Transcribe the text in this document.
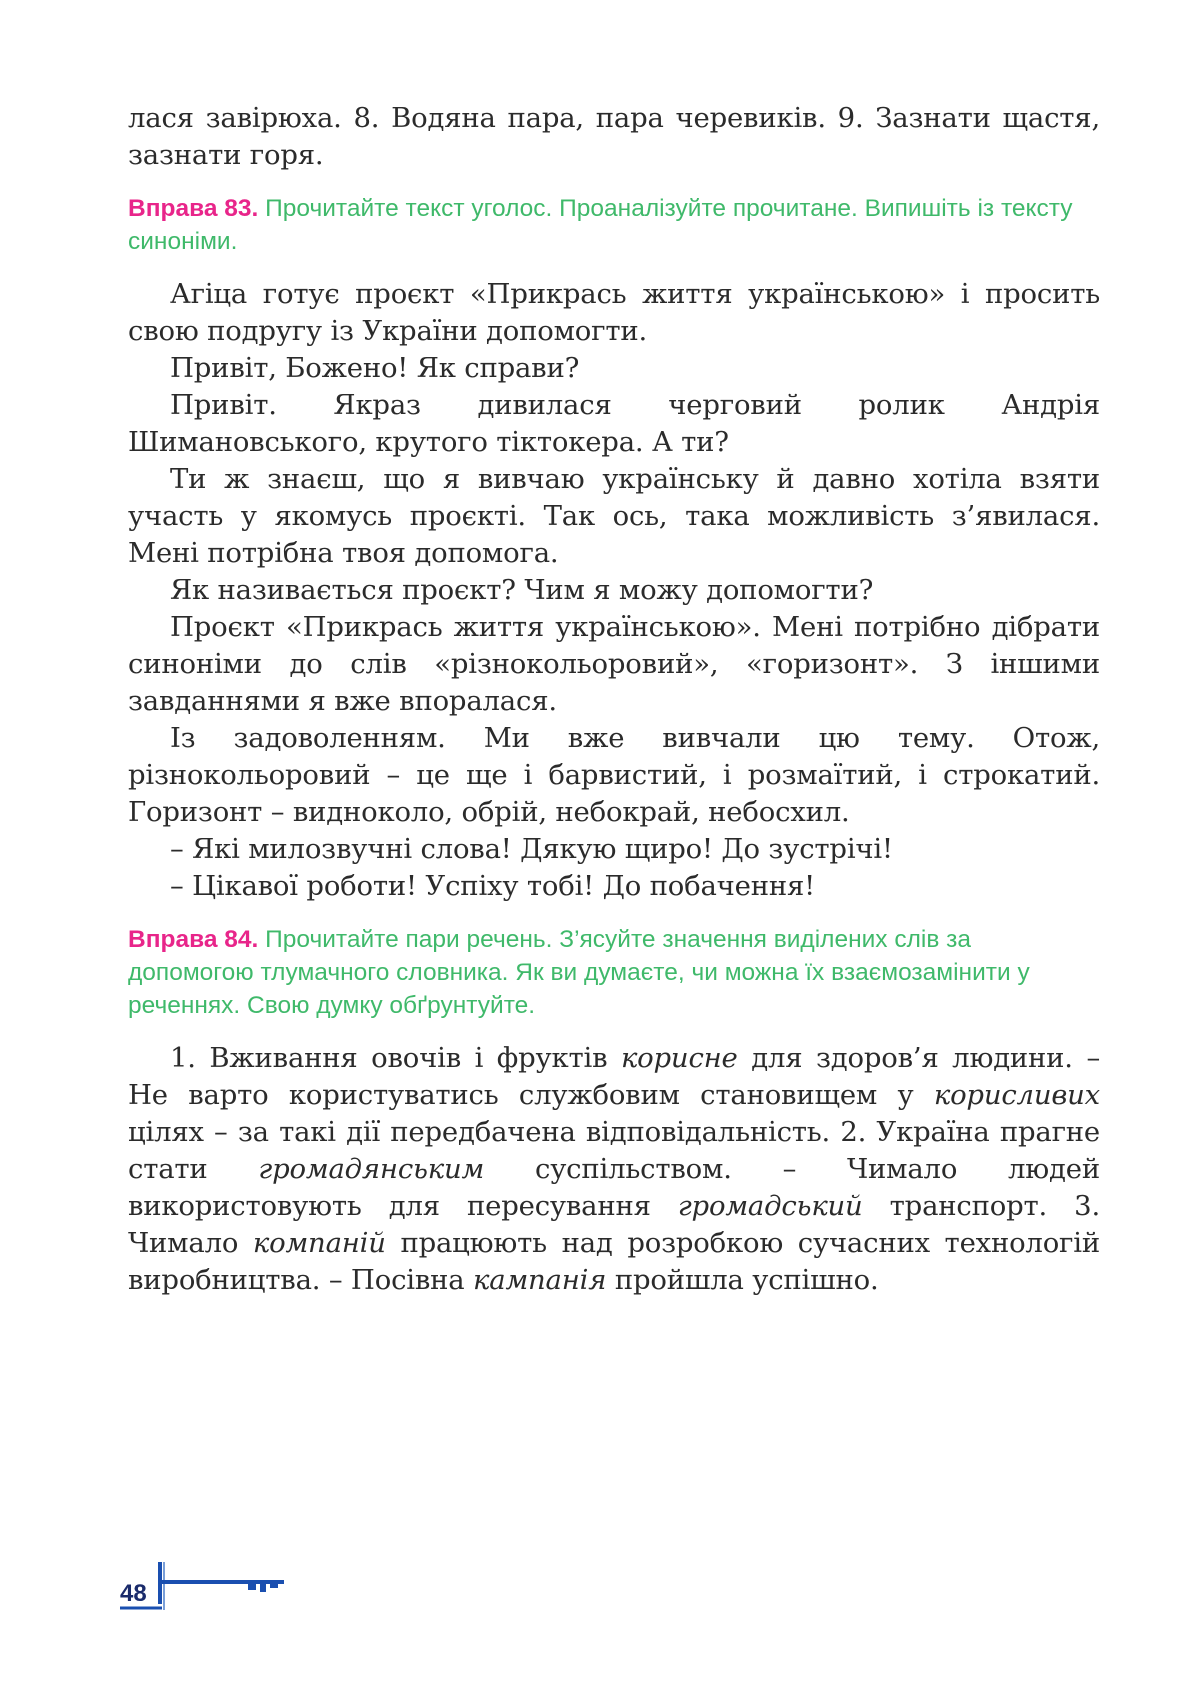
лася завірюха. 8. Водяна пара, пара черевиків. 9. Зазнати щастя, зазнати горя.

Вправа 83. Прочитайте текст уголос. Проаналізуйте прочитане. Випишіть із тексту синоніми.

Агіца готує проєкт «Прикрась життя українською» і просить свою подругу із України допомогти.

Привіт, Божено! Як справи?

Привіт. Якраз дивилася черговий ролик Андрія Шимановського, крутого тіктокера. А ти?

Ти ж знаєш, що я вивчаю українську й давно хотіла взяти участь у якомусь проєкті. Так ось, така можливість з’явилася. Мені потрібна твоя допомога.

Як називається проєкт? Чим я можу допомогти?

Проєкт «Прикрась життя українською». Мені потрібно дібрати синоніми до слів «різнокольоровий», «горизонт». З іншими завданнями я вже впоралася.

Із задоволенням. Ми вже вивчали цю тему. Отож, різнокольоровий – це ще і барвистий, і розмаїтий, і строкатий. Горизонт – видноколо, обрій, небокрай, небосхил.

– Які милозвучні слова! Дякую щиро! До зустрічі!

– Цікавої роботи! Успіху тобі! До побачення!

Вправа 84. Прочитайте пари речень. З’ясуйте значення виділених слів за допомогою тлумачного словника. Як ви думаєте, чи можна їх взаємозамінити у реченнях. Свою думку обґрунтуйте.

1. Вживання овочів і фруктів корисне для здоров’я людини. – Не варто користуватись службовим становищем у корисливих цілях – за такі дії передбачена відповідальність. 2. Україна прагне стати громадянським суспільством. – Чимало людей використовують для пересування громадський транспорт. 3. Чимало компаній працюють над розробкою сучасних технологій виробництва. – Посівна кампанія пройшла успішно.

48
